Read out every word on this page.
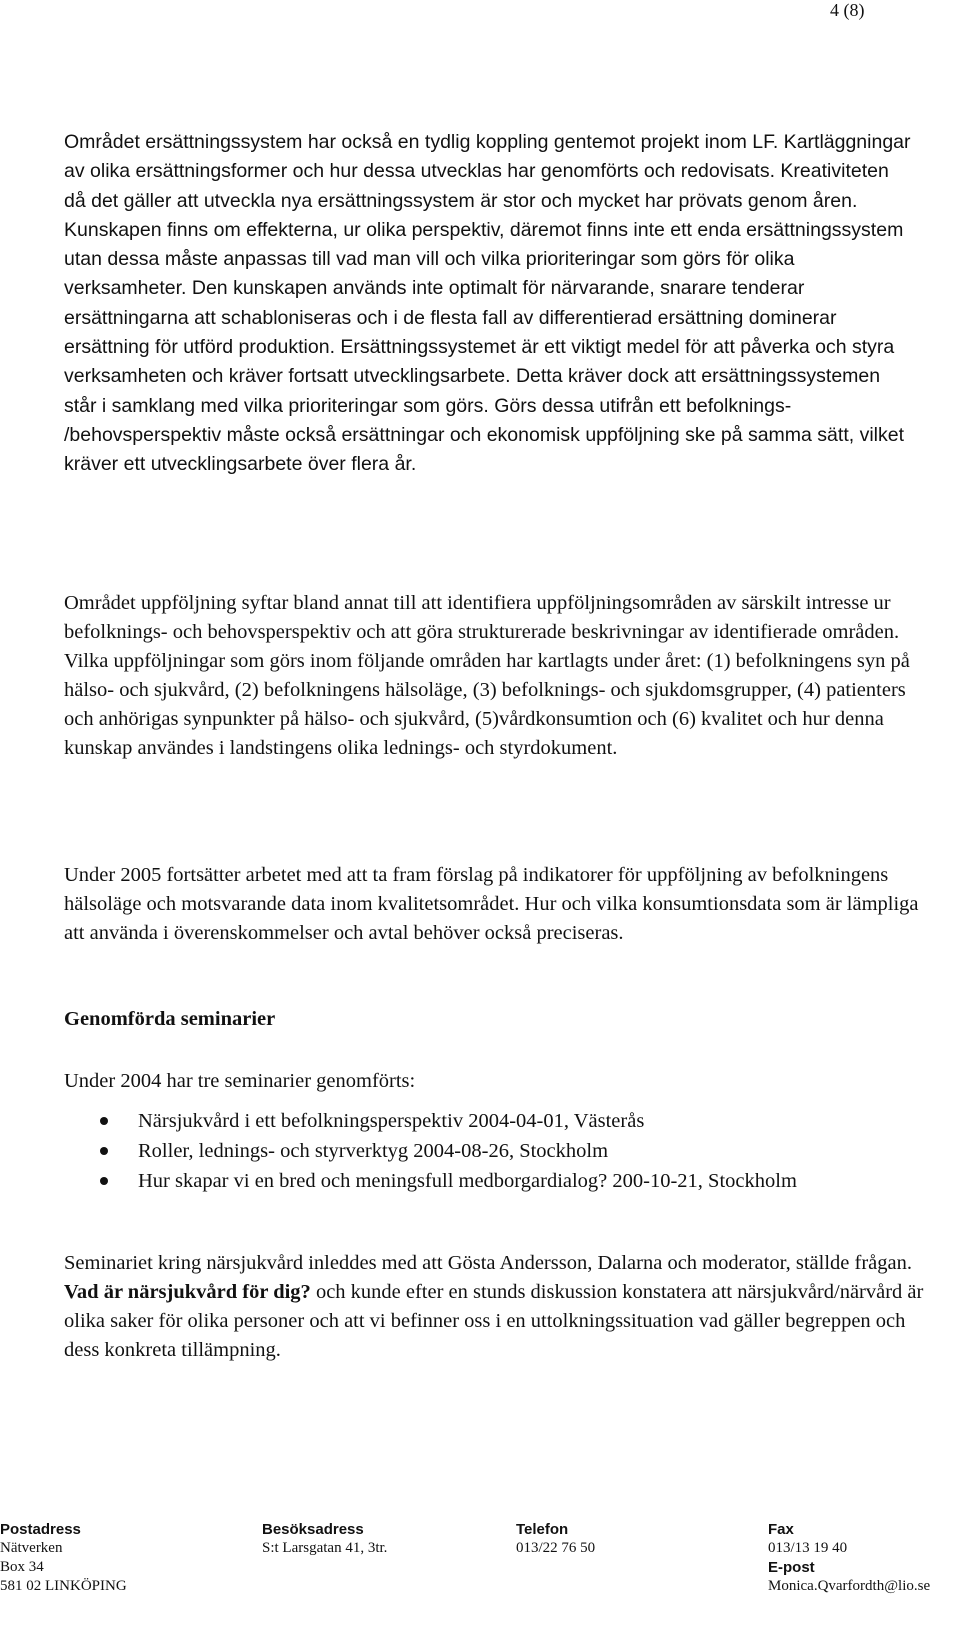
4 (8)

Området ersättningssystem har också en tydlig koppling gentemot projekt inom LF. Kartläggningar av olika ersättningsformer och hur dessa utvecklas har genomförts och redovisats. Kreativiteten då det gäller att utveckla nya ersättningssystem är stor och mycket har prövats genom åren. Kunskapen finns om effekterna, ur olika perspektiv, däremot finns inte ett enda ersättningssystem utan dessa måste anpassas till vad man vill och vilka prioriteringar som görs för olika verksamheter. Den kunskapen används inte optimalt för närvarande, snarare tenderar ersättningarna att schabloniseras och i de flesta fall av differentierad ersättning dominerar ersättning för utförd produktion. Ersättningssystemet är ett viktigt medel för att påverka och styra verksamheten och kräver fortsatt utvecklingsarbete. Detta kräver dock att ersättningssystemen står i samklang med vilka prioriteringar som görs. Görs dessa utifrån ett befolknings-

/behovsperspektiv måste också ersättningar och ekonomisk uppföljning ske på samma sätt, vilket kräver ett utvecklingsarbete över flera år.

Området uppföljning syftar bland annat till att identifiera uppföljningsområden av särskilt intresse ur befolknings- och behovsperspektiv och att göra strukturerade beskrivningar av identifierade områden. Vilka uppföljningar som görs inom följande områden har kartlagts under året: (1) befolkningens syn på hälso- och sjukvård, (2) befolkningens hälsoläge, (3) befolknings- och sjukdomsgrupper, (4) patienters och anhörigas synpunkter på hälso- och sjukvård, (5)vårdkonsumtion och (6) kvalitet och hur denna kunskap användes i landstingens olika lednings- och styrdokument.

Under 2005 fortsätter arbetet med att ta fram förslag på indikatorer för uppföljning av befolkningens hälsoläge och motsvarande data inom kvalitetsområdet. Hur och vilka konsumtionsdata som är lämpliga att använda i överenskommelser och avtal behöver också preciseras.

Genomförda seminarier

Under 2004 har tre seminarier genomförts:

Närsjukvård i ett befolkningsperspektiv 2004-04-01, Västerås
Roller, lednings- och styrverktyg 2004-08-26, Stockholm
Hur skapar vi en bred och meningsfull medborgardialog? 200-10-21, Stockholm

Seminariet kring närsjukvård inleddes med att Gösta Andersson, Dalarna och moderator, ställde frågan. Vad är närsjukvård för dig? och kunde efter en stunds diskussion konstatera att närsjukvård/närvård är olika saker för olika personer och att vi befinner oss i en uttolkningssituation vad gäller begreppen och dess konkreta tillämpning.

Postadress
Nätverken
Box 34
581 02 LINKÖPING
Besöksadress
S:t Larsgatan 41, 3tr.
Telefon
013/22 76 50
Fax
013/13 19 40
E-post
Monica.Qvarfordth@lio.se
